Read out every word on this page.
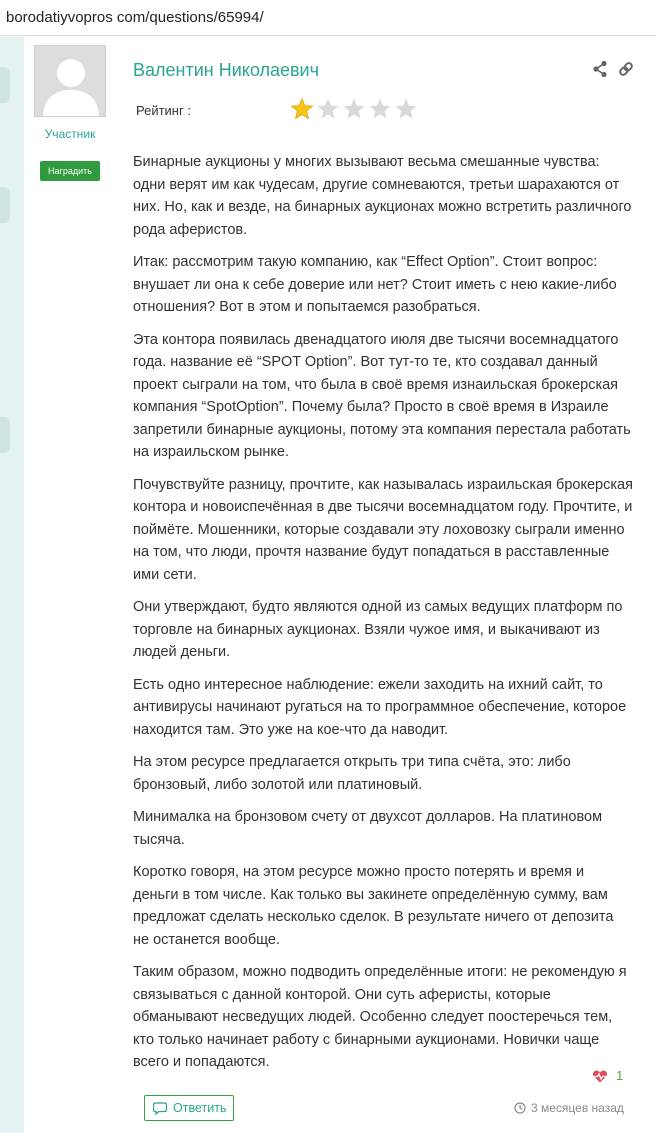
borodatiyvopros com/questions/65994/
Участник
Наградить
Валентин Николаевич
Рейтинг :

Бинарные аукционы у многих вызывают весьма смешанные чувства: одни верят им как чудесам, другие сомневаются, третьи шарахаются от них. Но, как и везде, на бинарных аукционах можно встретить различного рода аферистов.

Итак: рассмотрим такую компанию, как “Effect Option”. Стоит вопрос: внушает ли она к себе доверие или нет? Стоит иметь с нею какие-либо отношения? Вот в этом и попытаемся разобраться.

Эта контора появилась двенадцатого июля две тысячи восемнадцатого года. название её “SPOT Option”. Вот тут-то те, кто создавал данный проект сыграли на том, что была в своё время изнаильская брокерская компания “SpotOption”. Почему была? Просто в своё время в Израиле запретили бинарные аукционы, потому эта компания перестала работать на израильском рынке.

Почувствуйте разницу, прочтите, как называлась израильская брокерская контора и новоиспечённая в две тысячи восемнадцатом году. Прочтите, и поймёте. Мошенники, которые создавали эту лоховозку сыграли именно на том, что люди, прочтя название будут попадаться в расставленные ими сети.

Они утверждают, будто являются одной из самых ведущих платформ по торговле на бинарных аукционах. Взяли чужое имя, и выкачивают из людей деньги.

Есть одно интересное наблюдение: ежели заходить на ихний сайт, то антивирусы начинают ругаться на то программное обеспечение, которое находится там. Это уже на кое-что да наводит.

На этом ресурсе предлагается открыть три типа счёта, это: либо бронзовый, либо золотой или платиновый.

Минималка на бронзовом счету от двухсот долларов. На платиновом тысяча.

Коротко говоря, на этом ресурсе можно просто потерять и время и деньги в том числе. Как только вы закинете определённую сумму, вам предложат сделать несколько сделок. В результате ничего от депозита не останется вообще.

Таким образом, можно подводить определённые итоги: не рекомендую я связываться с данной конторой. Они суть аферисты, которые обманывают несведущих людей. Особенно следует поостеречься тем, кто только начинает работу с бинарными аукционами. Новички чаще всего и попадаются.

1
Ответить	3 месяцев назад
